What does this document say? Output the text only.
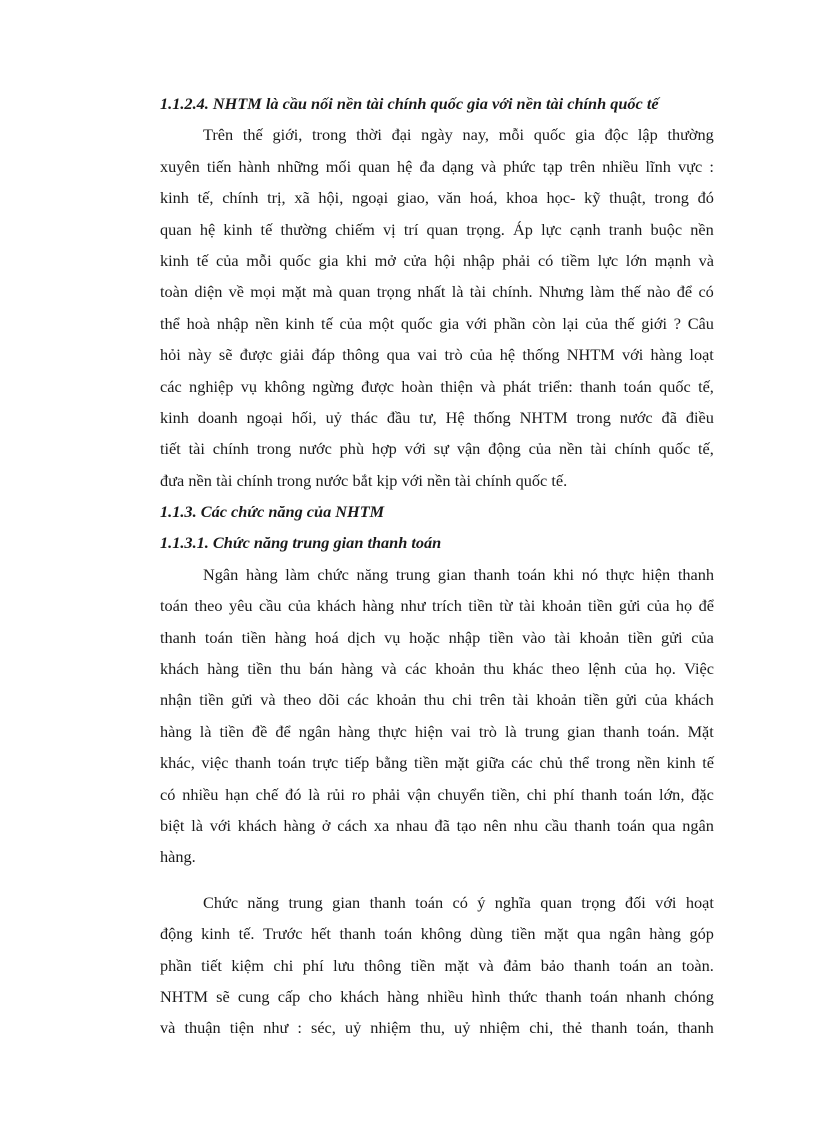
1.1.2.4. NHTM là cầu nối nền tài chính quốc gia với nền tài chính quốc tế
Trên thế giới, trong thời đại ngày nay, mỗi quốc gia độc lập thường
xuyên tiến hành những mối quan hệ đa dạng và phức tạp trên nhiều lĩnh vực :
kinh tế, chính trị, xã hội, ngoại giao, văn hoá, khoa học- kỹ thuật, trong đó
quan hệ kinh tế thường chiếm vị trí quan trọng. Áp lực cạnh tranh buộc nền
kinh tế của mỗi quốc gia khi mở cửa hội nhập phải có tiềm lực lớn mạnh và
toàn diện về mọi mặt mà quan trọng nhất là tài chính. Nhưng làm thế nào để có
thể hoà nhập nền kinh tế của một quốc gia với phần còn lại của thế giới ? Câu
hỏi này sẽ được giải đáp thông qua vai trò của hệ thống NHTM với hàng loạt
các nghiệp vụ không ngừng được hoàn thiện và phát triển: thanh toán quốc tế,
kinh doanh ngoại hối, uỷ thác đầu tư, Hệ thống NHTM trong nước đã điều
tiết tài chính trong nước phù hợp với sự vận động của nền tài chính quốc tế,
đưa nền tài chính trong nước bắt kịp với nền tài chính quốc tế.
1.1.3. Các chức năng của NHTM
1.1.3.1. Chức năng trung gian thanh toán
Ngân hàng làm chức năng trung gian thanh toán khi nó thực hiện thanh
toán theo yêu cầu của khách hàng như trích tiền từ tài khoản tiền gửi của họ để
thanh toán tiền hàng hoá dịch vụ hoặc nhập tiền vào tài khoản tiền gửi của
khách hàng tiền thu bán hàng và các khoản thu khác theo lệnh của họ. Việc
nhận tiền gửi và theo dõi các khoản thu chi trên tài khoản tiền gửi của khách
hàng là tiền đề để ngân hàng thực hiện vai trò là trung gian thanh toán. Mặt
khác, việc thanh toán trực tiếp bằng tiền mặt giữa các chủ thể trong nền kinh tế
có nhiều hạn chế đó là rủi ro phải vận chuyển tiền, chi phí thanh toán lớn, đặc
biệt là với khách hàng ở cách xa nhau đã tạo nên nhu cầu thanh toán qua ngân
hàng.
Chức năng trung gian thanh toán có ý nghĩa quan trọng đối với hoạt
động kinh tế. Trước hết thanh toán không dùng tiền mặt qua ngân hàng góp
phần tiết kiệm chi phí lưu thông tiền mặt và đảm bảo thanh toán an toàn.
NHTM sẽ cung cấp cho khách hàng nhiều hình thức thanh toán nhanh chóng
và thuận tiện như : séc, uỷ nhiệm thu, uỷ nhiệm chi, thẻ thanh toán, thanh
